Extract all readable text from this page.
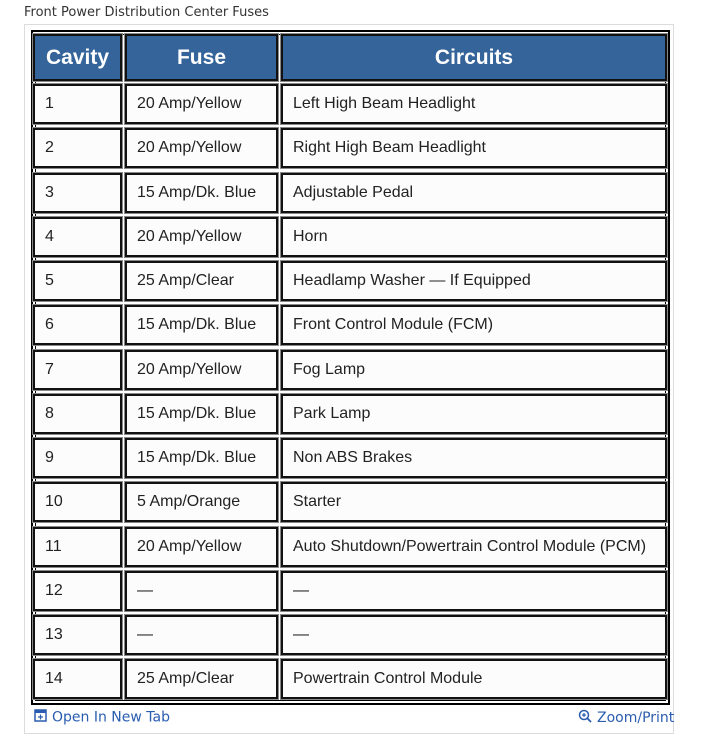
Front Power Distribution Center Fuses
Cavity	Fuse	Circuits
1	20 Amp/Yellow	Left High Beam Headlight
2	20 Amp/Yellow	Right High Beam Headlight
3	15 Amp/Dk. Blue	Adjustable Pedal
4	20 Amp/Yellow	Horn
5	25 Amp/Clear	Headlamp Washer — If Equipped
6	15 Amp/Dk. Blue	Front Control Module (FCM)
7	20 Amp/Yellow	Fog Lamp
8	15 Amp/Dk. Blue	Park Lamp
9	15 Amp/Dk. Blue	Non ABS Brakes
10	5 Amp/Orange	Starter
11	20 Amp/Yellow	Auto Shutdown/Powertrain Control Module (PCM)
12	—	—
13	—	—
14	25 Amp/Clear	Powertrain Control Module
Open In New Tab	Zoom/Print
